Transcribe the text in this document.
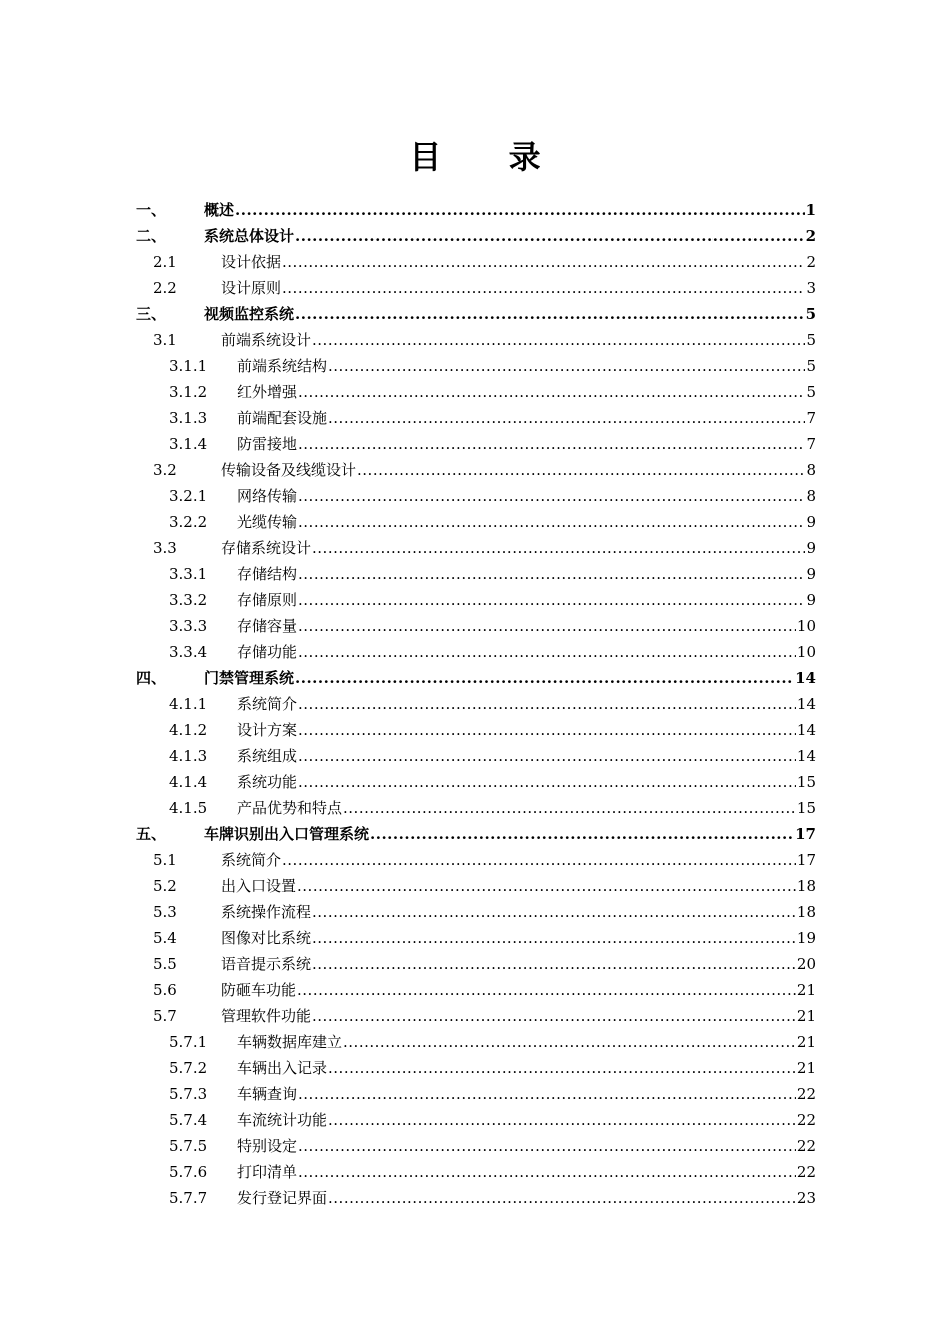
目 录
一、	概述 .....	1
二、	系统总体设计 .....	2
2.1	设计依据 .....	2
2.2	设计原则 .....	3
三、	视频监控系统 .....	5
3.1	前端系统设计 .....	5
3.1.1	前端系统结构 .....	5
3.1.2	红外增强 .....	5
3.1.3	前端配套设施 .....	7
3.1.4	防雷接地 .....	7
3.2	传输设备及线缆设计 .....	8
3.2.1	网络传输 .....	8
3.2.2	光缆传输 .....	9
3.3	存储系统设计 .....	9
3.3.1	存储结构 .....	9
3.3.2	存储原则 .....	9
3.3.3	存储容量 .....	10
3.3.4	存储功能 .....	10
四、	门禁管理系统 .....	14
4.1.1	系统简介 .....	14
4.1.2	设计方案 .....	14
4.1.3	系统组成 .....	14
4.1.4	系统功能 .....	15
4.1.5	产品优势和特点 .....	15
五、	车牌识别出入口管理系统 .....	17
5.1	系统简介 .....	17
5.2	出入口设置 .....	18
5.3	系统操作流程 .....	18
5.4	图像对比系统 .....	19
5.5	语音提示系统 .....	20
5.6	防砸车功能 .....	21
5.7	管理软件功能 .....	21
5.7.1	车辆数据库建立 .....	21
5.7.2	车辆出入记录 .....	21
5.7.3	车辆查询 .....	22
5.7.4	车流统计功能 .....	22
5.7.5	特别设定 .....	22
5.7.6	打印清单 .....	22
5.7.7	发行登记界面 .....	23
